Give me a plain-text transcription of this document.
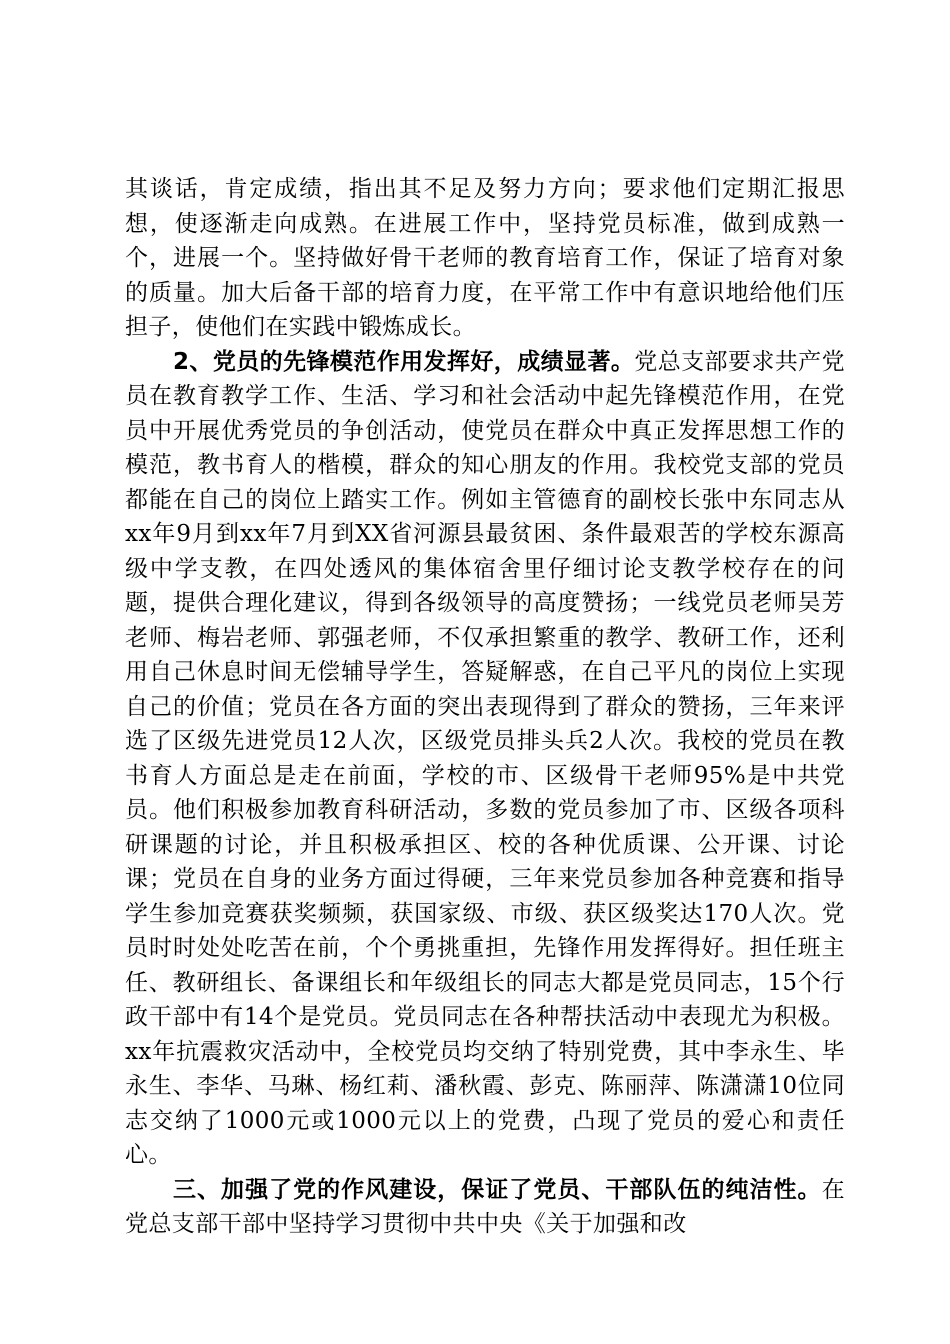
其谈话，肯定成绩，指出其不足及努力方向；要求他们定期汇报思想，使逐渐走向成熟。在进展工作中，坚持党员标准，做到成熟一个，进展一个。坚持做好骨干老师的教育培育工作，保证了培育对象的质量。加大后备干部的培育力度，在平常工作中有意识地给他们压担子，使他们在实践中锻炼成长。

2、党员的先锋模范作用发挥好，成绩显著。党总支部要求共产党员在教育教学工作、生活、学习和社会活动中起先锋模范作用，在党员中开展优秀党员的争创活动，使党员在群众中真正发挥思想工作的模范，教书育人的楷模，群众的知心朋友的作用。我校党支部的党员都能在自己的岗位上踏实工作。例如主管德育的副校长张中东同志从xx年9月到xx年7月到XX省河源县最贫困、条件最艰苦的学校东源高级中学支教，在四处透风的集体宿舍里仔细讨论支教学校存在的问题，提供合理化建议，得到各级领导的高度赞扬；一线党员老师吴芳老师、梅岩老师、郭强老师，不仅承担繁重的教学、教研工作，还利用自己休息时间无偿辅导学生，答疑解惑，在自己平凡的岗位上实现自己的价值；党员在各方面的突出表现得到了群众的赞扬，三年来评选了区级先进党员12人次，区级党员排头兵2人次。我校的党员在教书育人方面总是走在前面，学校的市、区级骨干老师95%是中共党员。他们积极参加教育科研活动，多数的党员参加了市、区级各项科研课题的讨论，并且积极承担区、校的各种优质课、公开课、讨论课；党员在自身的业务方面过得硬，三年来党员参加各种竞赛和指导学生参加竞赛获奖频频，获国家级、市级、获区级奖达170人次。党员时时处处吃苦在前，个个勇挑重担，先锋作用发挥得好。担任班主任、教研组长、备课组长和年级组长的同志大都是党员同志，15个行政干部中有14个是党员。党员同志在各种帮扶活动中表现尤为积极。xx年抗震救灾活动中，全校党员均交纳了特别党费，其中李永生、毕永生、李华、马琳、杨红莉、潘秋霞、彭克、陈丽萍、陈潇潇10位同志交纳了1000元或1000元以上的党费，凸现了党员的爱心和责任心。

三、加强了党的作风建设，保证了党员、干部队伍的纯洁性。在党总支部干部中坚持学习贯彻中共中央《关于加强和改
